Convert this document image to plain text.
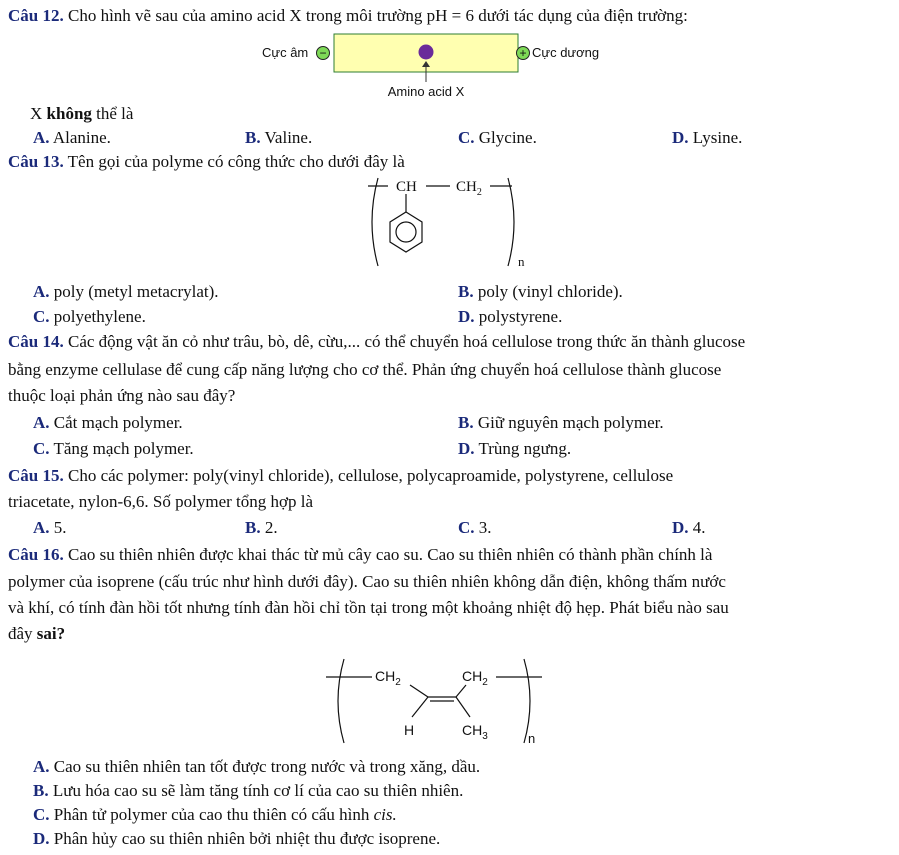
Câu 12. Cho hình vẽ sau của amino acid X trong môi trường pH = 6 dưới tác dụng của điện trường:
Cực âm −	+ Cực dương
Amino acid X
X không thể là
A. Alanine.	B. Valine.	C. Glycine.	D. Lysine.
Câu 13. Tên gọi của polyme có công thức cho dưới đây là
CH	$CH_2$
n
A. poly (metyl metacrylat).	B. poly (vinyl chloride).
C. polyethylene.	D. polystyrene.
Câu 14. Các động vật ăn cỏ như trâu, bò, dê, cừu,... có thể chuyển hoá cellulose trong thức ăn thành glucose
bằng enzyme cellulase để cung cấp năng lượng cho cơ thể. Phản ứng chuyển hoá cellulose thành glucose
thuộc loại phản ứng nào sau đây?
A. Cắt mạch polymer.	B. Giữ nguyên mạch polymer.
C. Tăng mạch polymer.	D. Trùng ngưng.
Câu 15. Cho các polymer: poly(vinyl chloride), cellulose, polycaproamide, polystyrene, cellulose
triacetate, nylon-6,6. Số polymer tổng hợp là
A. 5.	B. 2.	C. 3.	D. 4.
Câu 16. Cao su thiên nhiên được khai thác từ mủ cây cao su. Cao su thiên nhiên có thành phần chính là
polymer của isoprene (cấu trúc như hình dưới đây). Cao su thiên nhiên không dẫn điện, không thấm nước
và khí, có tính đàn hồi tốt nhưng tính đàn hồi chỉ tồn tại trong một khoảng nhiệt độ hẹp. Phát biểu nào sau
đây sai?
$CH_2$
H
$CH_2$
$CH_3$	n
A. Cao su thiên nhiên tan tốt được trong nước và trong xăng, dầu.
B. Lưu hóa cao su sẽ làm tăng tính cơ lí của cao su thiên nhiên.
C. Phân tử polymer của cao thu thiên có cấu hình cis.
D. Phân hủy cao su thiên nhiên bởi nhiệt thu được isoprene.
